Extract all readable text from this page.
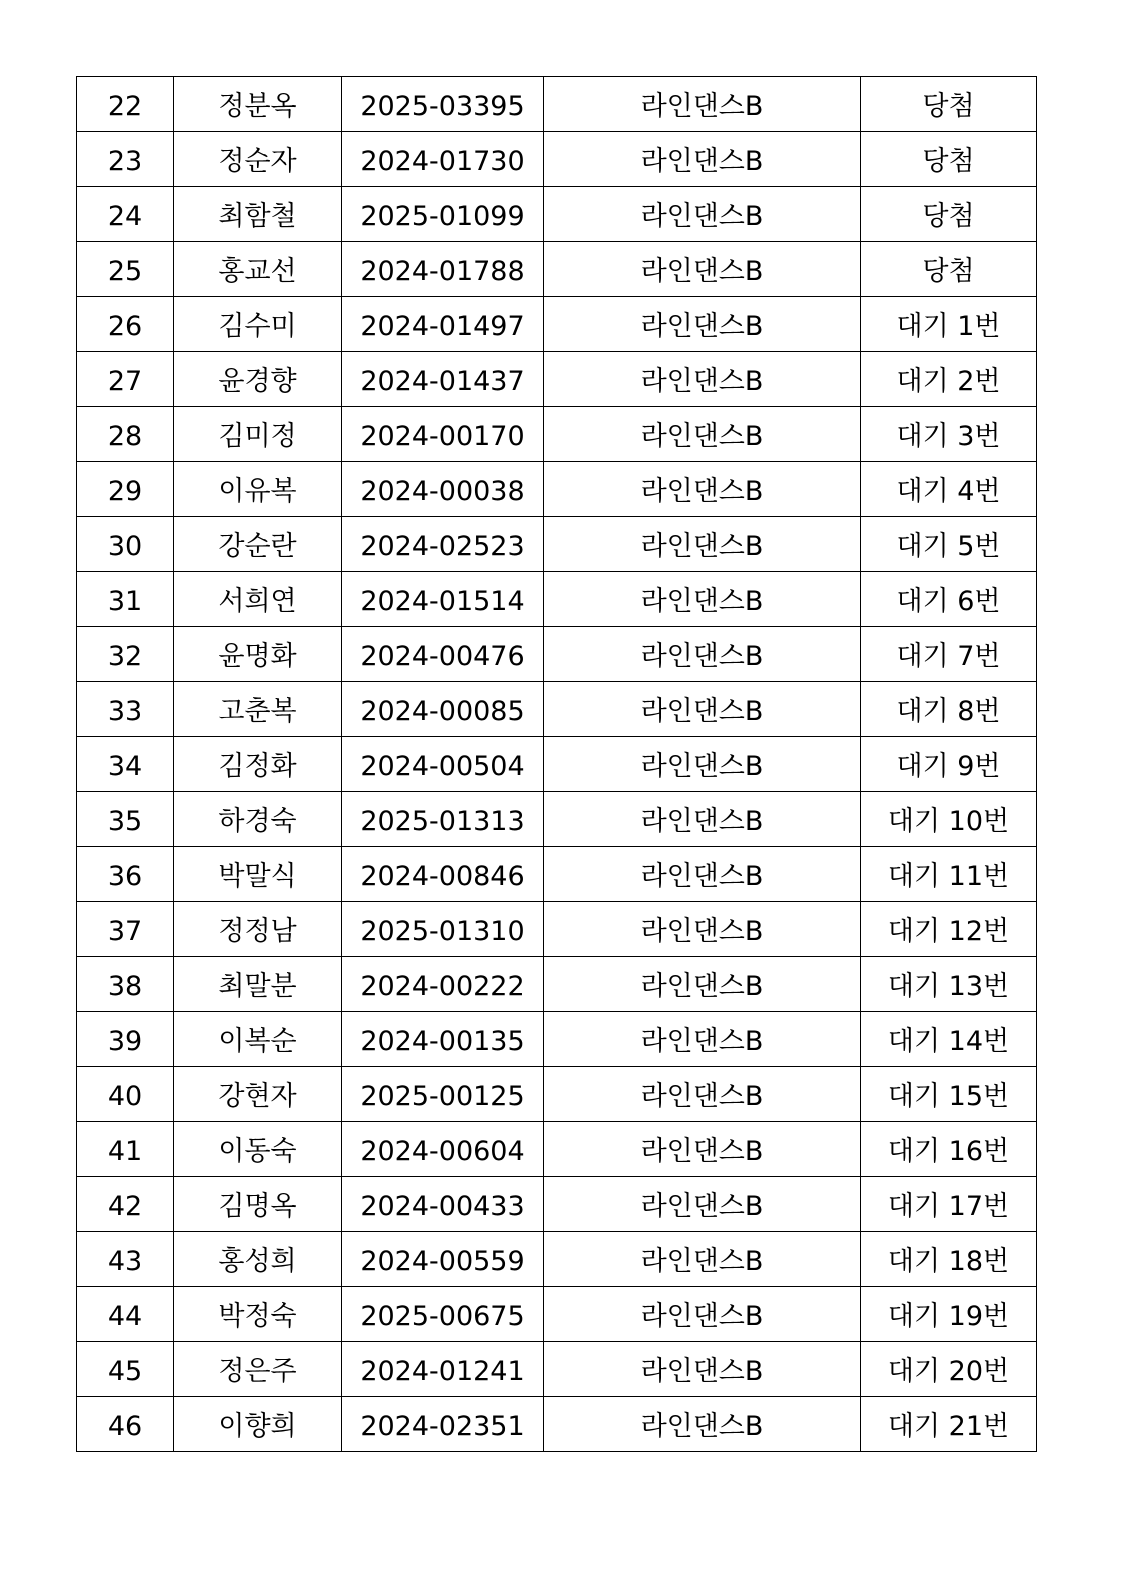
22	정분옥	2025-03395	라인댄스B	당첨
23	정순자	2024-01730	라인댄스B	당첨
24	최함철	2025-01099	라인댄스B	당첨
25	홍교선	2024-01788	라인댄스B	당첨
26	김수미	2024-01497	라인댄스B	대기 1번
27	윤경향	2024-01437	라인댄스B	대기 2번
28	김미정	2024-00170	라인댄스B	대기 3번
29	이유복	2024-00038	라인댄스B	대기 4번
30	강순란	2024-02523	라인댄스B	대기 5번
31	서희연	2024-01514	라인댄스B	대기 6번
32	윤명화	2024-00476	라인댄스B	대기 7번
33	고춘복	2024-00085	라인댄스B	대기 8번
34	김정화	2024-00504	라인댄스B	대기 9번
35	하경숙	2025-01313	라인댄스B	대기 10번
36	박말식	2024-00846	라인댄스B	대기 11번
37	정정남	2025-01310	라인댄스B	대기 12번
38	최말분	2024-00222	라인댄스B	대기 13번
39	이복순	2024-00135	라인댄스B	대기 14번
40	강현자	2025-00125	라인댄스B	대기 15번
41	이동숙	2024-00604	라인댄스B	대기 16번
42	김명옥	2024-00433	라인댄스B	대기 17번
43	홍성희	2024-00559	라인댄스B	대기 18번
44	박정숙	2025-00675	라인댄스B	대기 19번
45	정은주	2024-01241	라인댄스B	대기 20번
46	이향희	2024-02351	라인댄스B	대기 21번
